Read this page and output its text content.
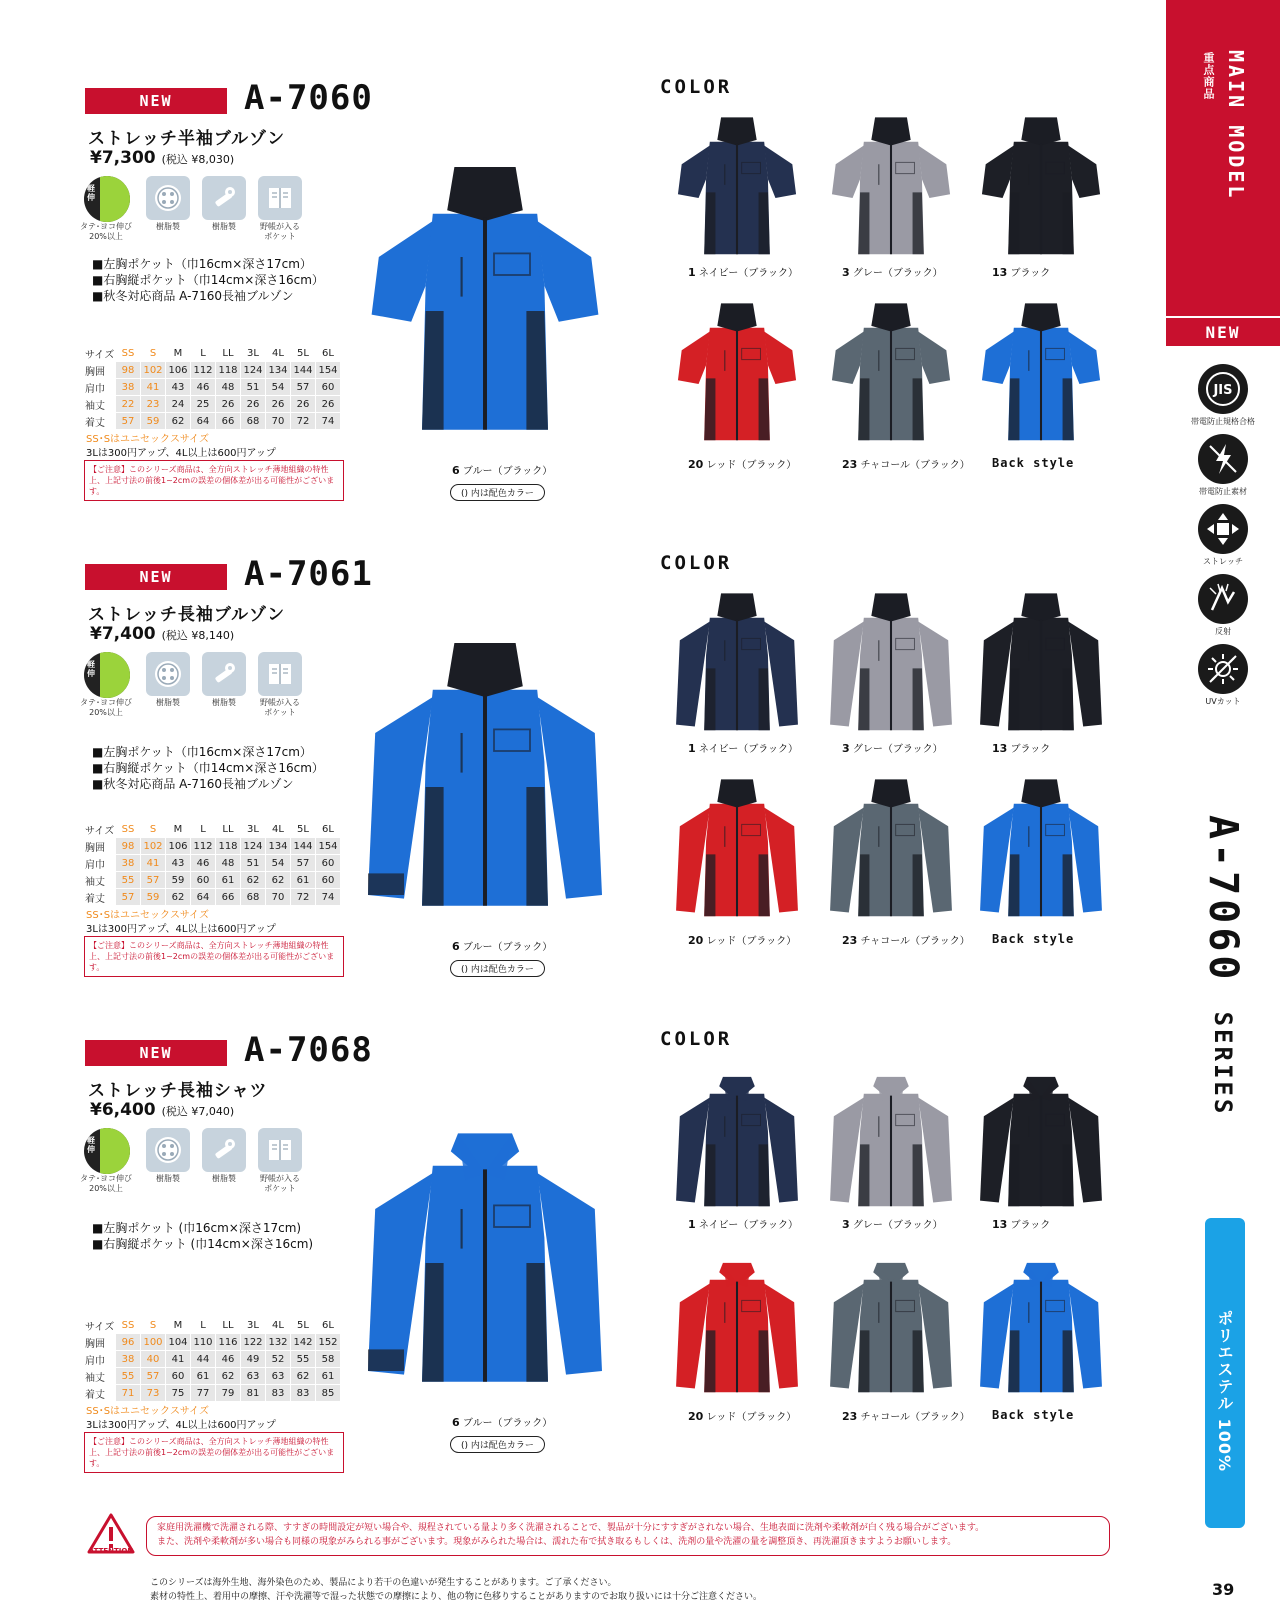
MAIN MODEL
重点商品
NEW
JIS
帯電防止規格合格
帯電防止素材
ストレッチ
反射
UVカット
A-7060 SERIES
ポリエステル 100%
39
NEW	A-7060
ストレッチ半袖ブルゾン
¥7,300 (税込 ¥8,030)
軽
伸
タテ･ヨコ伸び
20%以上
樹脂製	樹脂製	野帳が入る
ポケット
■左胸ポケット（巾16cm×深さ17cm）
■右胸縦ポケット（巾14cm×深さ16cm）
■秋冬対応商品 A-7160長袖ブルゾン
サイズ	SS	S	M	L	LL	3L	4L	5L	6L
胸囲	98	102	106	112	118	124	134	144	154
肩巾	38	41	43	46	48	51	54	57	60
袖丈	22	23	24	25	26	26	26	26	26
着丈	57	59	62	64	66	68	70	72	74
SS･Sはユニセックスサイズ
3Lは300円アップ、4L以上は600円アップ
【ご注意】このシリーズ商品は、全方向ストレッチ薄地組織の特性上、上記寸法の前後1~2cmの誤差の個体差が出る可能性がございます。
6 ブルー（ブラック）
() 内は配色カラー
COLOR
1 ネイビー（ブラック）	3 グレー（ブラック）	13 ブラック
20 レッド（ブラック）	23 チャコール（ブラック） Back style
NEW	A-7061
ストレッチ長袖ブルゾン
¥7,400 (税込 ¥8,140)
軽
伸
タテ･ヨコ伸び
20%以上
樹脂製	樹脂製	野帳が入る
ポケット
■左胸ポケット（巾16cm×深さ17cm）
■右胸縦ポケット（巾14cm×深さ16cm）
■秋冬対応商品 A-7160長袖ブルゾン
サイズ	SS	S	M	L	LL	3L	4L	5L	6L
胸囲	98	102	106	112	118	124	134	144	154
肩巾	38	41	43	46	48	51	54	57	60
袖丈	55	57	59	60	61	62	62	61	60
着丈	57	59	62	64	66	68	70	72	74
SS･Sはユニセックスサイズ
3Lは300円アップ、4L以上は600円アップ
【ご注意】このシリーズ商品は、全方向ストレッチ薄地組織の特性上、上記寸法の前後1~2cmの誤差の個体差が出る可能性がございます。
6 ブルー（ブラック）
() 内は配色カラー
COLOR
1 ネイビー（ブラック）	3 グレー（ブラック）	13 ブラック
20 レッド（ブラック）	23 チャコール（ブラック） Back style
NEW	A-7068
ストレッチ長袖シャツ
¥6,400 (税込 ¥7,040)
軽
伸
タテ･ヨコ伸び
20%以上
樹脂製	樹脂製	野帳が入る
ポケット
■左胸ポケット (巾16cm×深さ17cm)
■右胸縦ポケット (巾14cm×深さ16cm)
サイズ	SS	S	M	L	LL	3L	4L	5L	6L
胸囲	96	100	104	110	116	122	132	142	152
肩巾	38	40	41	44	46	49	52	55	58
袖丈	55	57	60	61	62	63	63	62	61
着丈	71	73	75	77	79	81	83	83	85
SS･Sはユニセックスサイズ
3Lは300円アップ、4L以上は600円アップ
【ご注意】このシリーズ商品は、全方向ストレッチ薄地組織の特性上、上記寸法の前後1~2cmの誤差の個体差が出る可能性がございます。
6 ブルー（ブラック）
() 内は配色カラー
COLOR
1 ネイビー（ブラック）	3 グレー（ブラック）	13 ブラック
20 レッド（ブラック）	23 チャコール（ブラック） Back style
ATTENTION
家庭用洗濯機で洗濯される際、すすぎの時間設定が短い場合や、規程されている量より多く洗濯されることで、製品が十分にすすぎがされない場合、生地表面に洗剤や柔軟剤が白く残る場合がございます。
また、洗剤や柔軟剤が多い場合も同様の現象がみられる事がございます。現象がみられた場合は、濡れた布で拭き取るもしくは、洗剤の量や洗濯の量を調整頂き、再洗濯頂きますようお願いします。
このシリーズは海外生地、海外染色のため、製品により若干の色違いが発生することがあります。ご了承ください。
素材の特性上、着用中の摩擦、汗や洗濯等で湿った状態での摩擦により、他の物に色移りすることがありますのでお取り扱いには十分ご注意ください。
